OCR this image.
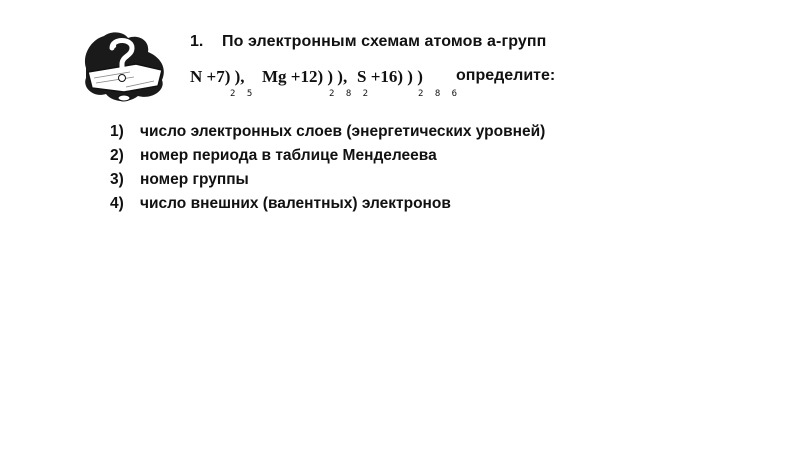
1. По электронным схемам атомов а-групп
N +7) ), Mg +12) ) ), S +16) ) )
2 5	2 8 2	2 8 6
определите:
1) число электронных слоев (энергетических уровней)
2) номер периода в таблице Менделеева
3) номер группы
4) число внешних (валентных) электронов
